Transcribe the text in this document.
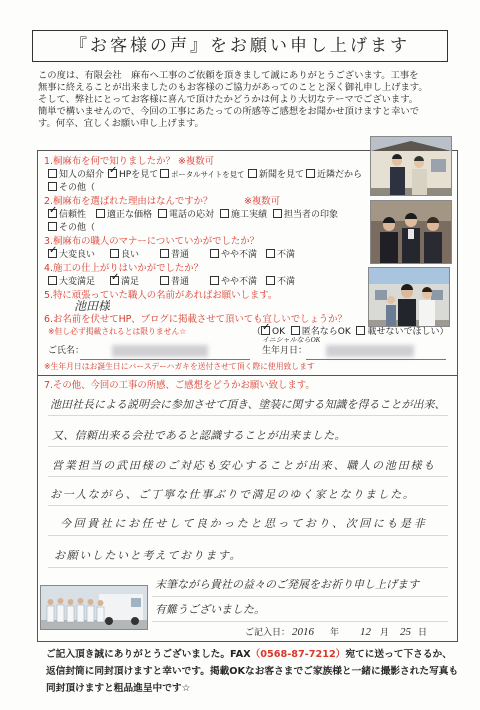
『お客様の声』をお願い申し上げます
この度は、有限会社　麻布へ工事のご依頼を頂きまして誠にありがとうございます。工事を
無事に終えることが出来ましたのもお客様のご協力があってのことと深く御礼申し上げます。
そして、弊社にとってお客様に喜んで頂けたかどうかは何より大切なテーマでございます。
簡単で構いませんので、今回の工事にあたっての所感等ご感想をお聞かせ頂けますと幸いで
す。何卒、宜しくお願い申し上げます。
1.桐麻布を何で知りましたか？ ※複数可
知人の紹介 ✓	HPを見て	ポータルサイトを見て	新聞を見て	近隣だから
その他（
2.桐麻布を選ばれた理由はなんですか？	※複数可
✓信頼性	適正な価格	電話の応対	施工実績	担当者の印象
その他（
3.桐麻布の職人のマナーについていかがでしたか？
✓大変良い	良い	普通	やや不満	不満
4.施工の仕上がりはいかがでしたか？
大変満足 ✓	満足	普通	やや不満	不満
5.特に頑張っていた職人の名前があればお願いします。
池田様
6.お名前を伏せてHP、ブログに掲載させて頂いても宜しいでしょうか？
※但し必ず掲載されるとは限りません☆	（ ✓ OK 匿名ならOK 載せないでほしい）
イニシャルならOK
ご氏名：	生年月日：
※生年月日はお誕生日にバースデーハガキを送付させて頂く際に使用致します
7.その他、今回の工事の所感、ご感想をどうかお願い致します。
池田社長による説明会に参加させて頂き、塗装に関する知識を得ることが出来、
又、信頼出来る会社であると認識することが出来ました。
営業担当の武田様のご対応も安心することが出来、職人の池田様も
お一人ながら、ご丁寧な仕事ぶりで満足のゆく家となりました。
今回貴社にお任せして良かったと思っており、次回にも是非
お願いしたいと考えております。
末筆ながら貴社の益々のご発展をお祈り申し上げます
有難うございました。
ご記入日： 2016 年 12 月 25 日
ご記入頂き誠にありがとうございました。FAX（0568-87-7212）宛てに送って下さるか、
返信封筒に同封頂けますと幸いです。掲載OKなお客さまでご家族様と一緒に撮影された写真も
同封頂けますと粗品進呈中です☆
